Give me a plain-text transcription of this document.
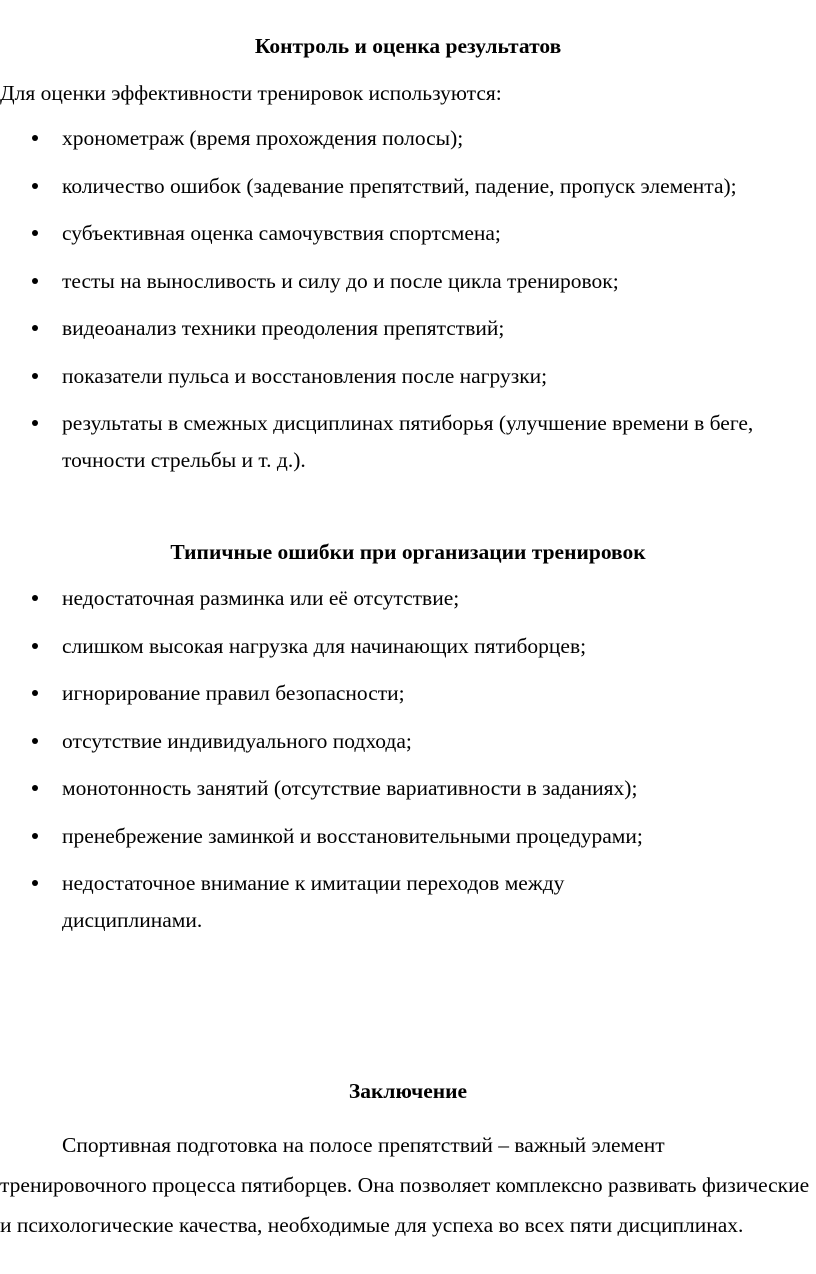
Контроль и оценка результатов
Для оценки эффективности тренировок используются:
хронометраж (время прохождения полосы);
количество ошибок (задевание препятствий, падение, пропуск элемента);
субъективная оценка самочувствия спортсмена;
тесты на выносливость и силу до и после цикла тренировок;
видеоанализ техники преодоления препятствий;
показатели пульса и восстановления после нагрузки;
результаты в смежных дисциплинах пятиборья (улучшение времени в беге, точности стрельбы и т. д.).
Типичные ошибки при организации тренировок
недостаточная разминка или её отсутствие;
слишком высокая нагрузка для начинающих пятиборцев;
игнорирование правил безопасности;
отсутствие индивидуального подхода;
монотонность занятий (отсутствие вариативности в заданиях);
пренебрежение заминкой и восстановительными процедурами;
недостаточное внимание к имитации переходов между дисциплинами.
Заключение

Спортивная подготовка на полосе препятствий – важный элемент тренировочного процесса пятиборцев. Она позволяет комплексно развивать физические и психологические качества, необходимые для успеха во всех пяти дисциплинах.
